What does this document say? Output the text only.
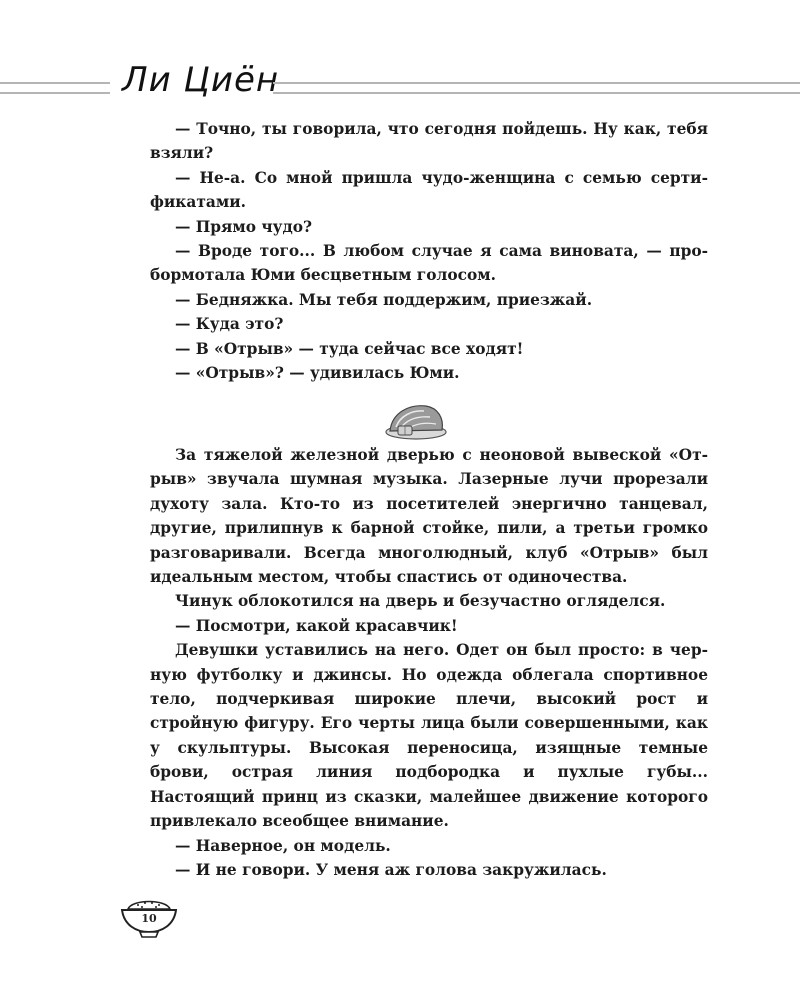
Ли Циён

— Точно, ты говорила, что сегодня пойдешь. Ну как, тебя взяли?

— Не-а. Со мной пришла чудо-женщина с семью сертификатами.

— Прямо чудо?

— Вроде того... В любом случае я сама виновата, — пробормотала Юми бесцветным голосом.

— Бедняжка. Мы тебя поддержим, приезжай.

— Куда это?

— В «Отрыв» — туда сейчас все ходят!

— «Отрыв»? — удивилась Юми.

За тяжелой железной дверью с неоновой вывеской «Отрыв» звучала шумная музыка. Лазерные лучи прорезали духоту зала. Кто-то из посетителей энергично танцевал, другие, прилипнув к барной стойке, пили, а третьи громко разговаривали. Всегда многолюдный, клуб «Отрыв» был идеальным местом, чтобы спастись от одиночества.

Чинук облокотился на дверь и безучастно огляделся.

— Посмотри, какой красавчик!

Девушки уставились на него. Одет он был просто: в черную футболку и джинсы. Но одежда облегала спортивное тело, подчеркивая широкие плечи, высокий рост и стройную фигуру. Его черты лица были совершенными, как у скульптуры. Высокая переносица, изящные темные брови, острая линия подбородка и пухлые губы... Настоящий принц из сказки, малейшее движение которого привлекало всеобщее внимание.

— Наверное, он модель.

— И не говори. У меня аж голова закружилась.

10
